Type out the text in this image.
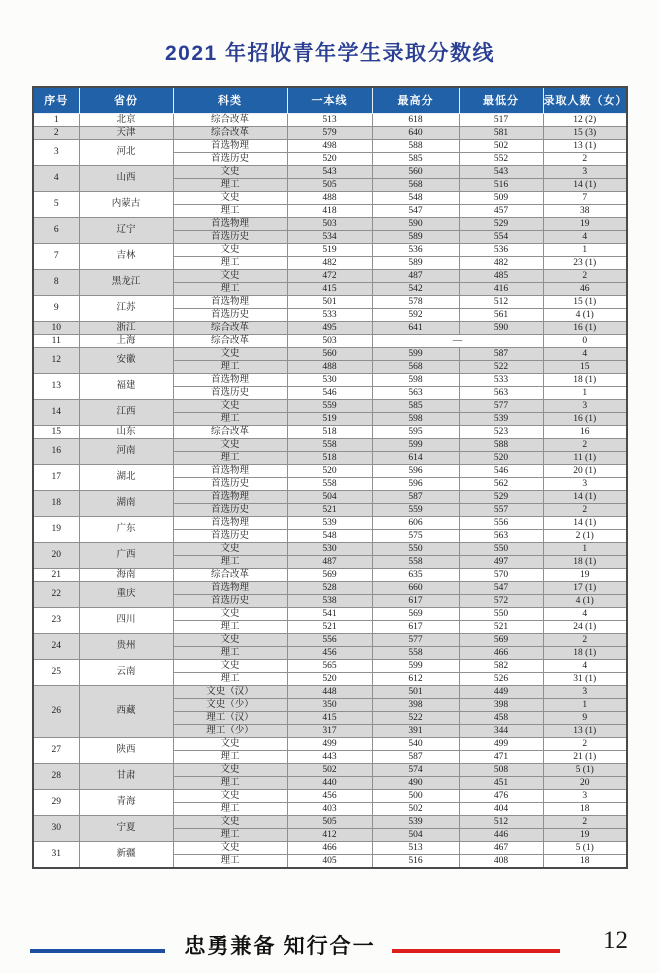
2021 年招收青年学生录取分数线
序号	省份	科类	一本线	最高分	最低分	录取人数（女）
1	北京	综合改革	513	618	517	12 (2)
2	天津	综合改革	579	640	581	15 (3)
3	河北	首选物理	498	588	502	13 (1)
		首选历史	520	585	552	2
4	山西	文史	543	560	543	3
		理工	505	568	516	14 (1)
5	内蒙古	文史	488	548	509	7
		理工	418	547	457	38
6	辽宁	首选物理	503	590	529	19
		首选历史	534	589	554	4
7	吉林	文史	519	536	536	1
		理工	482	589	482	23 (1)
8	黑龙江	文史	472	487	485	2
		理工	415	542	416	46
9	江苏	首选物理	501	578	512	15 (1)
		首选历史	533	592	561	4 (1)
10	浙江	综合改革	495	641	590	16 (1)
11	上海	综合改革	503	—		0
12	安徽	文史	560	599	587	4
		理工	488	568	522	15
13	福建	首选物理	530	598	533	18 (1)
		首选历史	546	563	563	1
14	江西	文史	559	585	577	3
		理工	519	598	539	16 (1)
15	山东	综合改革	518	595	523	16
16	河南	文史	558	599	588	2
		理工	518	614	520	11 (1)
17	湖北	首选物理	520	596	546	20 (1)
		首选历史	558	596	562	3
18	湖南	首选物理	504	587	529	14 (1)
		首选历史	521	559	557	2
19	广东	首选物理	539	606	556	14 (1)
		首选历史	548	575	563	2 (1)
20	广西	文史	530	550	550	1
		理工	487	558	497	18 (1)
21	海南	综合改革	569	635	570	19
22	重庆	首选物理	528	660	547	17 (1)
		首选历史	538	617	572	4 (1)
23	四川	文史	541	569	550	4
		理工	521	617	521	24 (1)
24	贵州	文史	556	577	569	2
		理工	456	558	466	18 (1)
25	云南	文史	565	599	582	4
		理工	520	612	526	31 (1)
26	西藏	文史（汉）	448	501	449	3
		文史（少）	350	398	398	1
		理工（汉）	415	522	458	9
		理工（少）	317	391	344	13 (1)
27	陕西	文史	499	540	499	2
		理工	443	587	471	21 (1)
28	甘肃	文史	502	574	508	5 (1)
		理工	440	490	451	20
29	青海	文史	456	500	476	3
		理工	403	502	404	18
30	宁夏	文史	505	539	512	2
		理工	412	504	446	19
31	新疆	文史	466	513	467	5 (1)
		理工	405	516	408	18
忠勇兼备 知行合一	12
